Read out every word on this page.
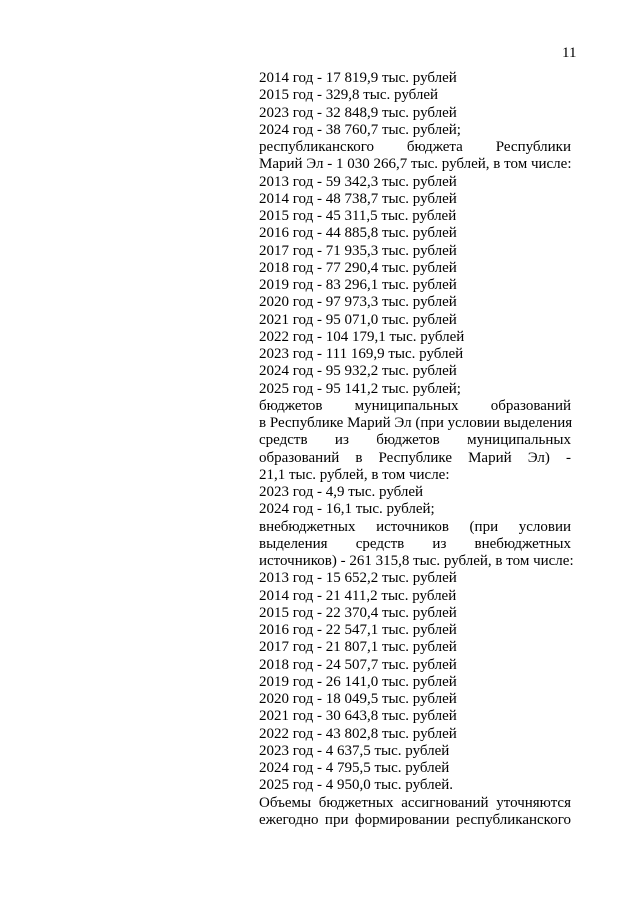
11
2014 год - 17 819,9 тыс. рублей
2015 год - 329,8 тыс. рублей
2023 год - 32 848,9 тыс. рублей
2024 год - 38 760,7 тыс. рублей;
республиканского бюджета Республики
Марий Эл - 1 030 266,7 тыс. рублей, в том числе:
2013 год - 59 342,3 тыс. рублей
2014 год - 48 738,7 тыс. рублей
2015 год - 45 311,5 тыс. рублей
2016 год - 44 885,8 тыс. рублей
2017 год - 71 935,3 тыс. рублей
2018 год - 77 290,4 тыс. рублей
2019 год - 83 296,1 тыс. рублей
2020 год - 97 973,3 тыс. рублей
2021 год - 95 071,0 тыс. рублей
2022 год - 104 179,1 тыс. рублей
2023 год - 111 169,9 тыс. рублей
2024 год - 95 932,2 тыс. рублей
2025 год - 95 141,2 тыс. рублей;
бюджетов муниципальных образований
в Республике Марий Эл (при условии выделения
средств из бюджетов муниципальных
образований в Республике Марий Эл) -
21,1 тыс. рублей, в том числе:
2023 год - 4,9 тыс. рублей
2024 год - 16,1 тыс. рублей;
внебюджетных источников (при условии
выделения средств из внебюджетных
источников) - 261 315,8 тыс. рублей, в том числе:
2013 год - 15 652,2 тыс. рублей
2014 год - 21 411,2 тыс. рублей
2015 год - 22 370,4 тыс. рублей
2016 год - 22 547,1 тыс. рублей
2017 год - 21 807,1 тыс. рублей
2018 год - 24 507,7 тыс. рублей
2019 год - 26 141,0 тыс. рублей
2020 год - 18 049,5 тыс. рублей
2021 год - 30 643,8 тыс. рублей
2022 год - 43 802,8 тыс. рублей
2023 год - 4 637,5 тыс. рублей
2024 год - 4 795,5 тыс. рублей
2025 год - 4 950,0 тыс. рублей.
Объемы бюджетных ассигнований уточняются
ежегодно при формировании республиканского
